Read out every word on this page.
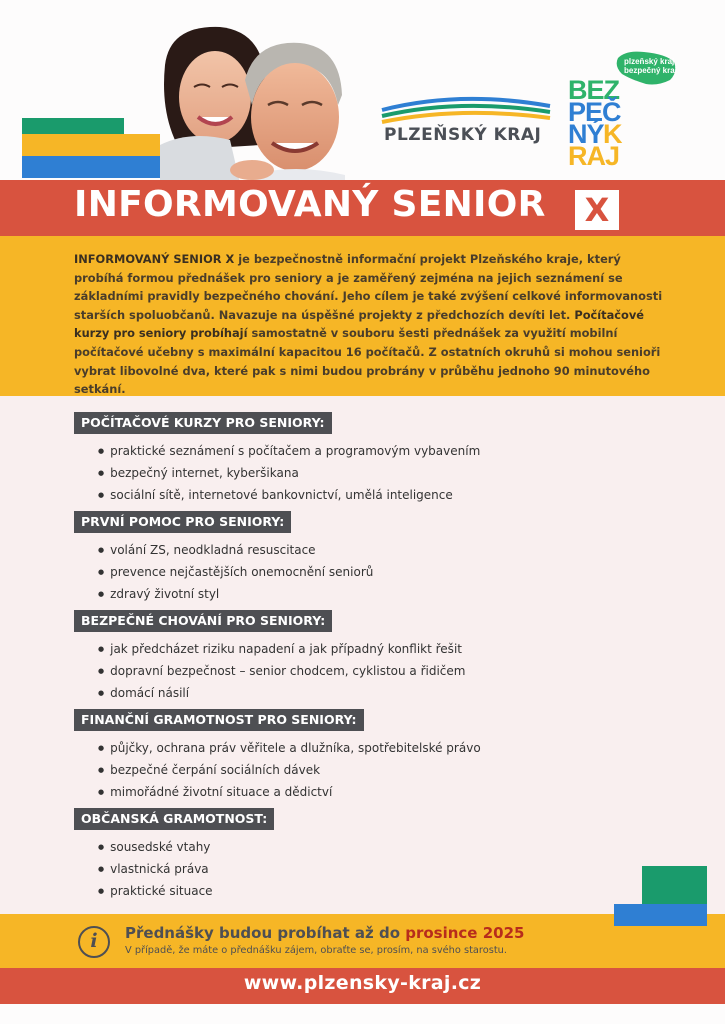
PLZEŇSKÝ KRAJ
plzeňský kraj
bezpečný kraj
BEZ
PEČ
NÝ K
RAJ
INFORMOVANÝ SENIOR	X
INFORMOVANÝ SENIOR X je bezpečnostně informační projekt Plzeňského kraje, který probíhá formou přednášek pro seniory a je zaměřený zejména na jejich seznámení se základními pravidly bezpečného chování. Jeho cílem je také zvýšení celkové informovanosti starších spoluobčanů. Navazuje na úspěšné projekty z předchozích devíti let. Počítačové kurzy pro seniory probíhají samostatně v souboru šesti přednášek za využití mobilní počítačové učebny s maximální kapacitou 16 počítačů. Z ostatních okruhů si mohou senioři vybrat libovolné dva, které pak s nimi budou probrány v průběhu jednoho 90 minutového setkání.
POČÍTAČOVÉ KURZY PRO SENIORY:
● praktické seznámení s počítačem a programovým vybavením
● bezpečný internet, kyberšikana
● sociální sítě, internetové bankovnictví, umělá inteligence
PRVNÍ POMOC PRO SENIORY:
● volání ZS, neodkladná resuscitace
● prevence nejčastějších onemocnění seniorů
● zdravý životní styl
BEZPEČNÉ CHOVÁNÍ PRO SENIORY:
● jak předcházet riziku napadení a jak případný konflikt řešit
● dopravní bezpečnost – senior chodcem, cyklistou a řidičem
● domácí násilí
FINANČNÍ GRAMOTNOST PRO SENIORY:
● půjčky, ochrana práv věřitele a dlužníka, spotřebitelské právo
● bezpečné čerpání sociálních dávek
● mimořádné životní situace a dědictví
OBČANSKÁ GRAMOTNOST:
● sousedské vtahy
● vlastnická práva
● praktické situace
i	Přednášky budou probíhat až do prosince 2025
V případě, že máte o přednášku zájem, obraťte se, prosím, na svého starostu.
www.plzensky-kraj.cz
